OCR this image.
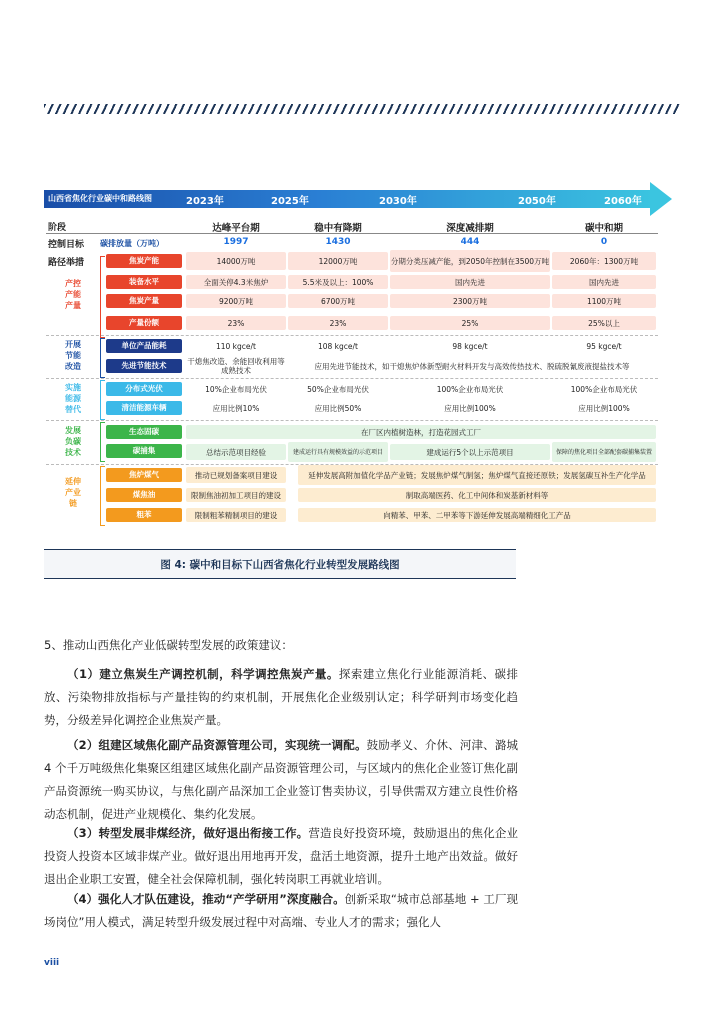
山西省焦化行业碳中和路线图	2023年	2025年	2030年	2050年	2060年
阶段	达峰平台期	稳中有降期	深度减排期	碳中和期
控制目标 碳排放量（万吨）	1997	1430	444	0
路径举措
产控
产能
产量
开展
节能
改造
实施
能源
替代
发展
负碳
技术
延伸
产业
链
焦炭产能	14000万吨	12000万吨	分期分类压减产能，到2050年控制在3500万吨	2060年：1300万吨
装备水平	全面关停4.3米焦炉	5.5米及以上：100%	国内先进	国内先进
焦炭产量	9200万吨	6700万吨	2300万吨	1100万吨
产量份额	23%	23%	25%	25%以上
单位产品能耗	110 kgce/t	108 kgce/t	98 kgce/t	95 kgce/t
先进节能技术	干熄焦改造、余能回收利用等成熟技术	应用先进节能技术，如干熄焦炉体新型耐火材料开发与高效传热技术、脱硫脱氰废液提盐技术等
分布式光伏	10%企业布局光伏	50%企业布局光伏	100%企业布局光伏	100%企业布局光伏
清洁能源车辆	应用比例10%	应用比例50%	应用比例100%	应用比例100%
生态固碳	在厂区内植树造林，打造花园式工厂
碳捕集	总结示范项目经验	建成运行具有规模效益的示范项目	建成运行5个以上示范项目	保障的焦化项目全部配套碳捕集装置
焦炉煤气	推动已规划备案项目建设	延伸发展高附加值化学品产业链；发展焦炉煤气制氢；焦炉煤气直接还原铁；发展氢碳互补生产化学品
煤焦油	限制焦油初加工项目的建设	制取高端医药、化工中间体和炭基新材料等
粗苯	限制粗苯精制项目的建设	向精苯、甲苯、二甲苯等下游延伸发展高端精细化工产品
图 4: 碳中和目标下山西省焦化行业转型发展路线图
5、推动山西焦化产业低碳转型发展的政策建议：
（1）建立焦炭生产调控机制，科学调控焦炭产量。探索建立焦化行业能源消耗、碳排放、污染物排放指标与产量挂钩的约束机制，开展焦化企业级别认定；科学研判市场变化趋势，分级差异化调控企业焦炭产量。
（2）组建区域焦化副产品资源管理公司，实现统一调配。鼓励孝义、介休、河津、潞城 4 个千万吨级焦化集聚区组建区域焦化副产品资源管理公司，与区域内的焦化企业签订焦化副产品资源统一购买协议，与焦化副产品深加工企业签订售卖协议，引导供需双方建立良性价格动态机制，促进产业规模化、集约化发展。
（3）转型发展非煤经济，做好退出衔接工作。营造良好投资环境，鼓励退出的焦化企业投资人投资本区域非煤产业。做好退出用地再开发，盘活土地资源，提升土地产出效益。做好退出企业职工安置，健全社会保障机制，强化转岗职工再就业培训。
（4）强化人才队伍建设，推动“产学研用”深度融合。创新采取“城市总部基地 + 工厂现场岗位”用人模式，满足转型升级发展过程中对高端、专业人才的需求；强化人
viii
